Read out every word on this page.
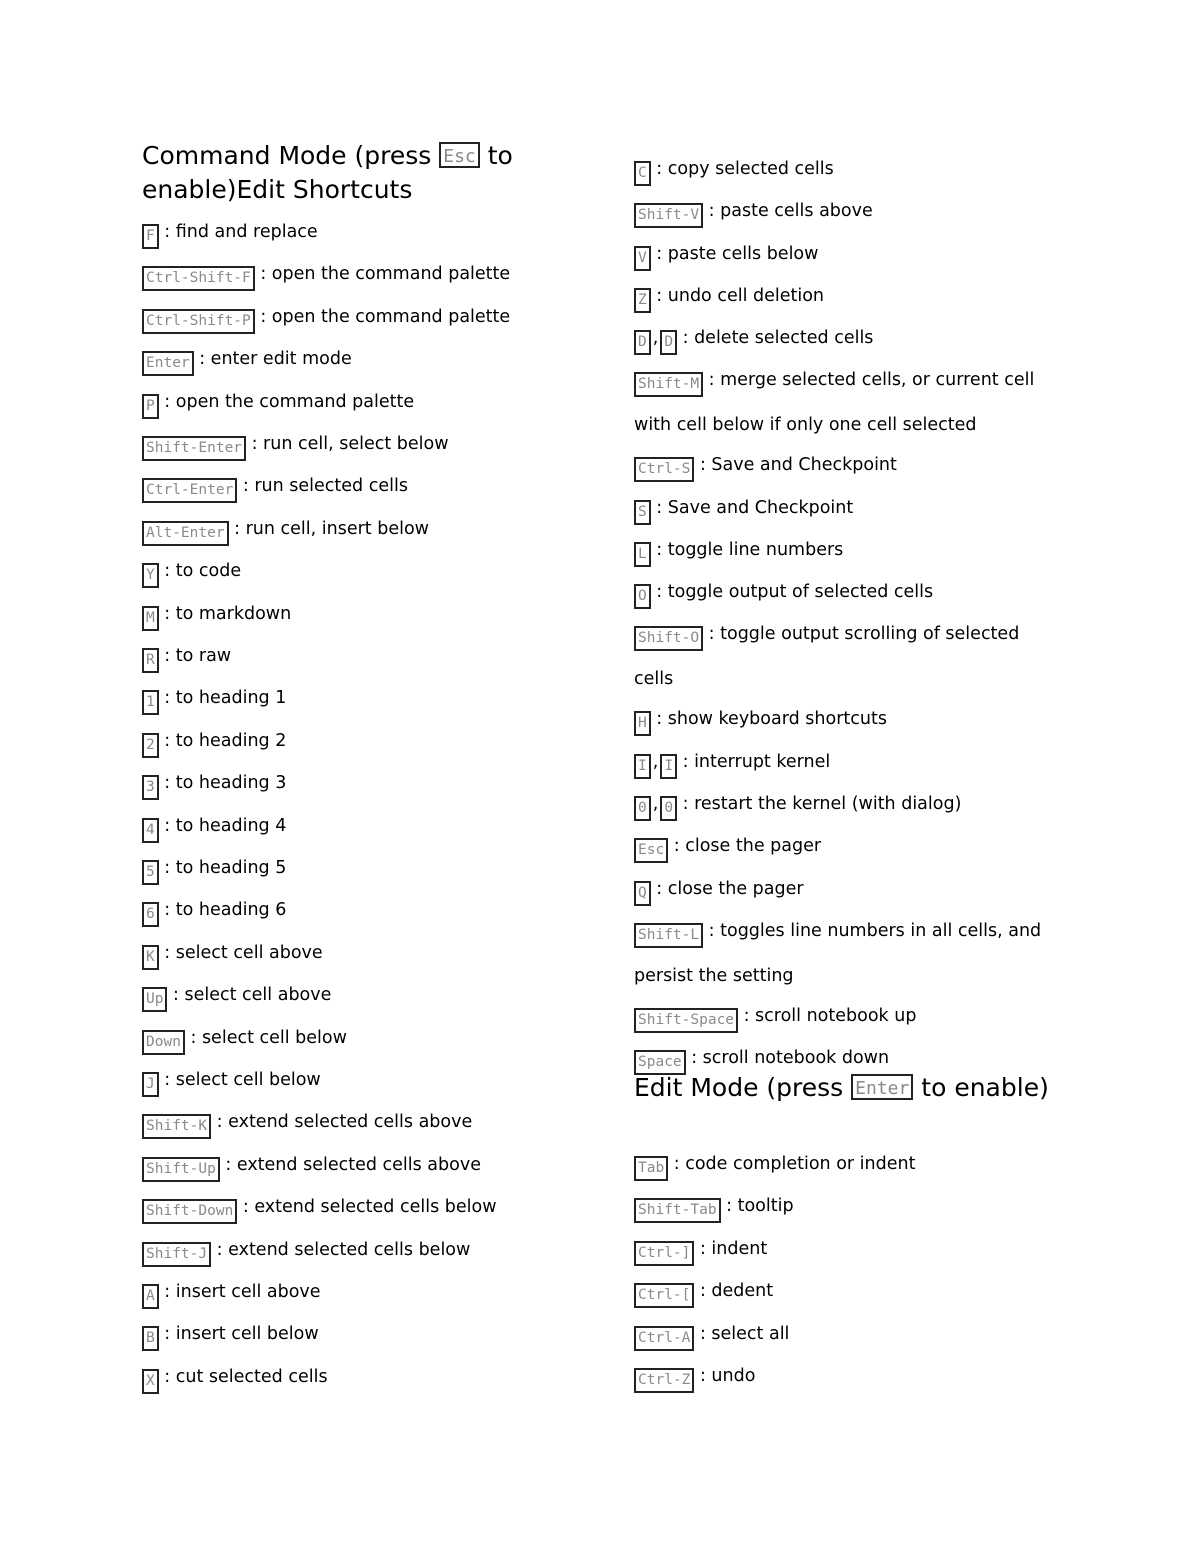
Command Mode (press Esc to enable)Edit Shortcuts
F : find and replace
Ctrl-Shift-F : open the command palette
Ctrl-Shift-P : open the command palette
Enter : enter edit mode
P : open the command palette
Shift-Enter : run cell, select below
Ctrl-Enter : run selected cells
Alt-Enter : run cell, insert below
Y : to code
M : to markdown
R : to raw
1 : to heading 1
2 : to heading 2
3 : to heading 3
4 : to heading 4
5 : to heading 5
6 : to heading 6
K : select cell above
Up : select cell above
Down : select cell below
J : select cell below
Shift-K : extend selected cells above
Shift-Up : extend selected cells above
Shift-Down : extend selected cells below
Shift-J : extend selected cells below
A : insert cell above
B : insert cell below
X : cut selected cells
C : copy selected cells
Shift-V : paste cells above
V : paste cells below
Z : undo cell deletion
D , D : delete selected cells
Shift-M : merge selected cells, or current cell with cell below if only one cell selected
Ctrl-S : Save and Checkpoint
S : Save and Checkpoint
L : toggle line numbers
O : toggle output of selected cells
Shift-O : toggle output scrolling of selected cells
H : show keyboard shortcuts
I , I : interrupt kernel
0 , 0 : restart the kernel (with dialog)
Esc : close the pager
Q : close the pager
Shift-L : toggles line numbers in all cells, and persist the setting
Shift-Space : scroll notebook up
Space : scroll notebook down
Edit Mode (press Enter to enable)
Tab : code completion or indent
Shift-Tab : tooltip
Ctrl-] : indent
Ctrl-[ : dedent
Ctrl-A : select all
Ctrl-Z : undo
